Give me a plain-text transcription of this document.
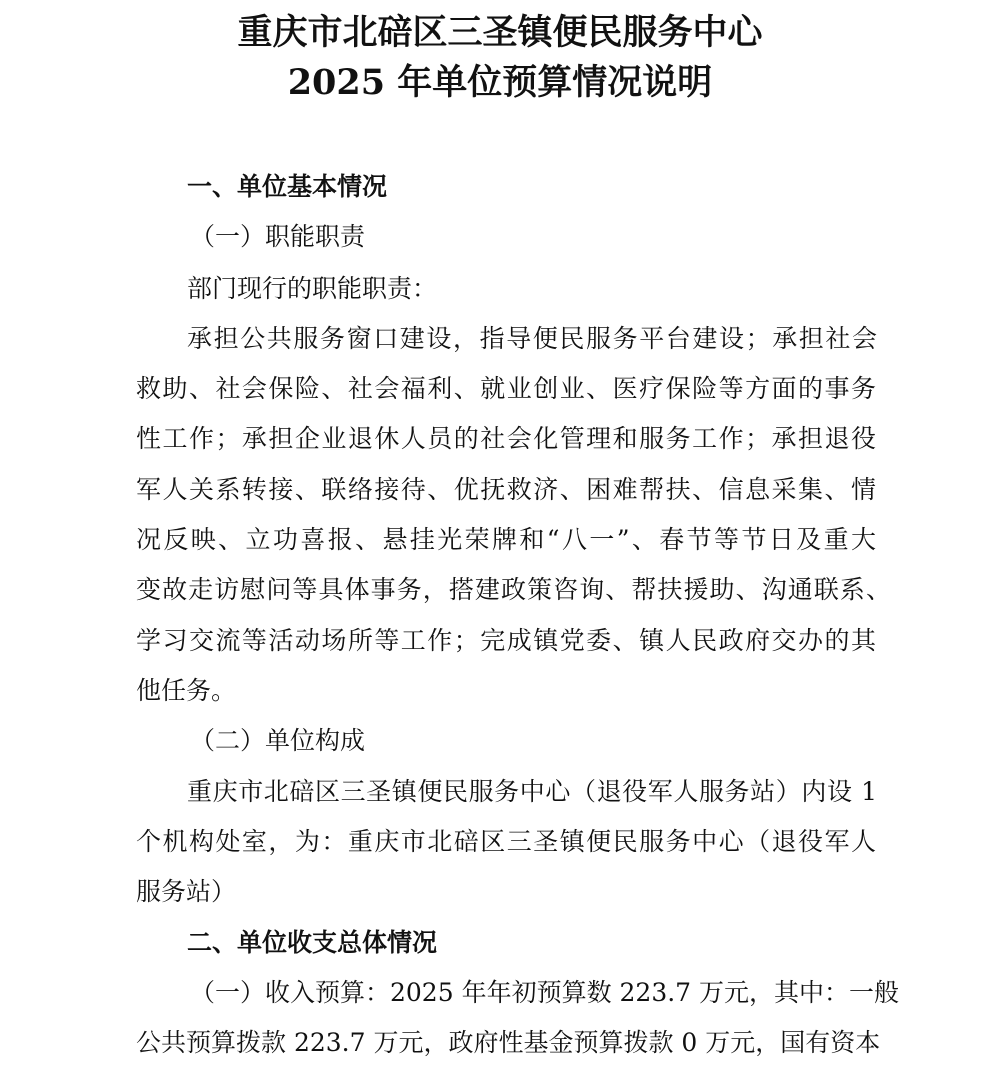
重庆市北碚区三圣镇便民服务中心
2025 年单位预算情况说明

一、单位基本情况

（一）职能职责

部门现行的职能职责：

承担公共服务窗口建设，指导便民服务平台建设；承担社会

救助、社会保险、社会福利、就业创业、医疗保险等方面的事务

性工作；承担企业退休人员的社会化管理和服务工作；承担退役

军人关系转接、联络接待、优抚救济、困难帮扶、信息采集、情

况反映、立功喜报、悬挂光荣牌和“八一”、春节等节日及重大

变故走访慰问等具体事务，搭建政策咨询、帮扶援助、沟通联系、

学习交流等活动场所等工作；完成镇党委、镇人民政府交办的其

他任务。

（二）单位构成

重庆市北碚区三圣镇便民服务中心（退役军人服务站）内设 1

个机构处室，为：重庆市北碚区三圣镇便民服务中心（退役军人

服务站）

二、单位收支总体情况

（一）收入预算：2025 年年初预算数 223.7 万元，其中：一般

公共预算拨款 223.7 万元，政府性基金预算拨款 0 万元，国有资本
